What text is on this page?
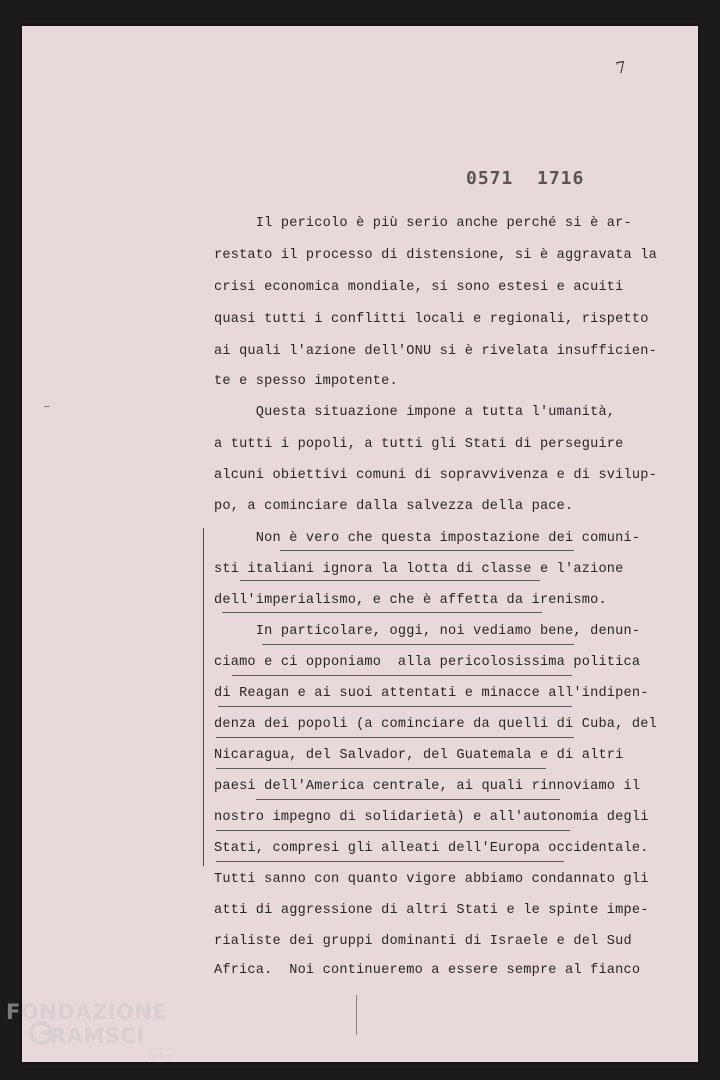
7
0571 1716
Il pericolo è più serio anche perché si è ar-
restato il processo di distensione, si è aggravata la
crisi economica mondiale, si sono estesi e acuiti
quasi tutti i conflitti locali e regionali, rispetto
ai quali l'azione dell'ONU si è rivelata insufficien-
te e spesso impotente.
Questa situazione impone a tutta l'umanità,
a tutti i popoli, a tutti gli Stati di perseguire
alcuni obiettivi comuni di sopravvivenza e di svilup-
po, a cominciare dalla salvezza della pace.
Non è vero che questa impostazione dei comuni-
sti italiani ignora la lotta di classe e l'azione
dell'imperialismo, e che è affetta da irenismo.
In particolare, oggi, noi vediamo bene, denun-
ciamo e ci opponiamo  alla pericolosissima politica
di Reagan e ai suoi attentati e minacce all'indipen-
denza dei popoli (a cominciare da quelli di Cuba, del
Nicaragua, del Salvador, del Guatemala e di altri
paesi dell'America centrale, ai quali rinnoviamo il
nostro impegno di solidarietà) e all'autonomia degli
Stati, compresi gli alleati dell'Europa occidentale.
Tutti sanno con quanto vigore abbiamo condannato gli
atti di aggressione di altri Stati e le spinte impe-
rialiste dei gruppi dominanti di Israele e del Sud
Africa.  Noi continueremo a essere sempre al fianco
FONDAZIONE
RAMSCI
onlus
